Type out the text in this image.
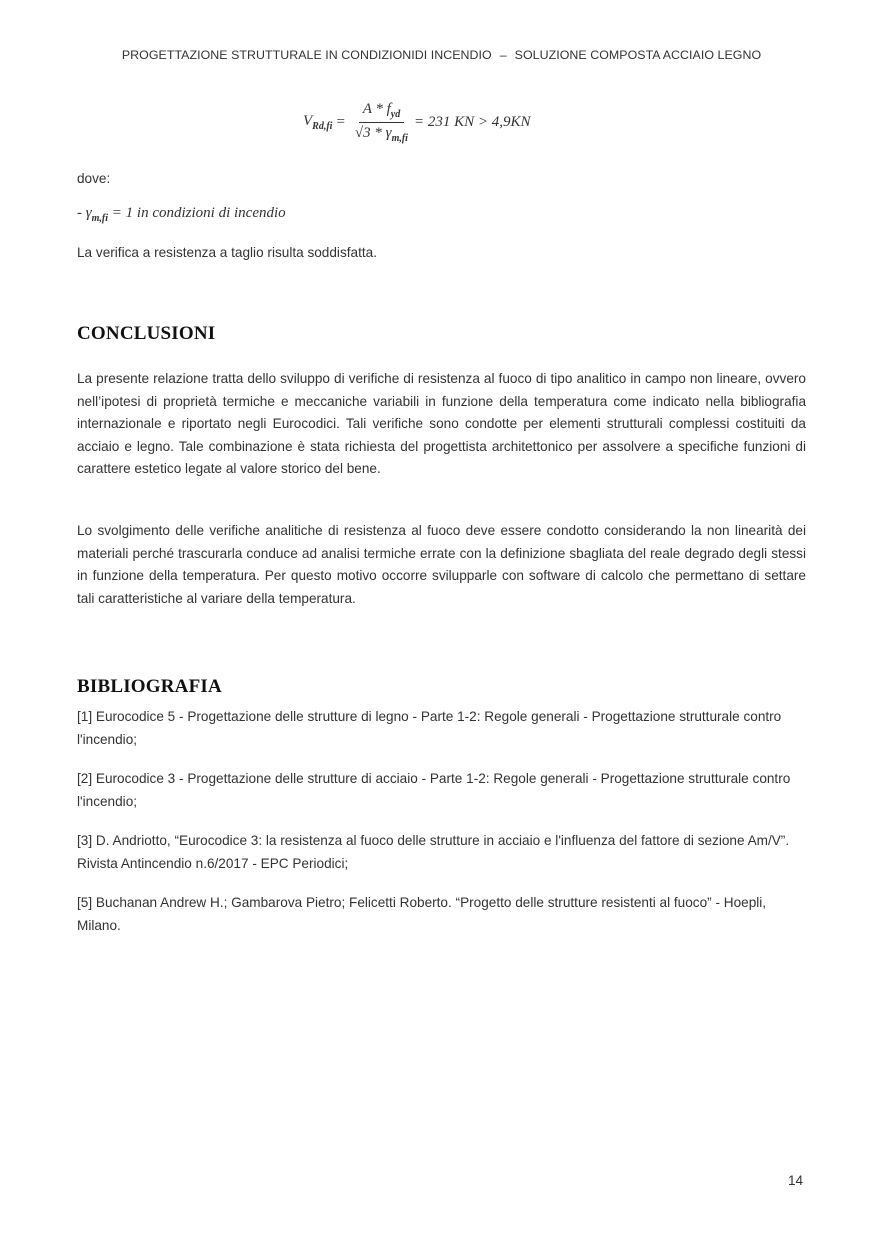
PROGETTAZIONE STRUTTURALE IN CONDIZIONIDI INCENDIO – SOLUZIONE COMPOSTA ACCIAIO LEGNO
$V_{Rd,fi} = \frac{A * f_{yd}}{√3 * \gamma_{m,fi}} = 231$ KN > 4,9KN
dove:
- $\gamma_{m,fi} = 1$ in condizioni di incendio
La verifica a resistenza a taglio risulta soddisfatta.
CONCLUSIONI
La presente relazione tratta dello sviluppo di verifiche di resistenza al fuoco di tipo analitico in campo non lineare, ovvero nell’ipotesi di proprietà termiche e meccaniche variabili in funzione della temperatura come indicato nella bibliografia internazionale e riportato negli Eurocodici. Tali verifiche sono condotte per elementi strutturali complessi costituiti da acciaio e legno. Tale combinazione è stata richiesta del progettista architettonico per assolvere a specifiche funzioni di carattere estetico legate al valore storico del bene.
Lo svolgimento delle verifiche analitiche di resistenza al fuoco deve essere condotto considerando la non linearità dei materiali perché trascurarla conduce ad analisi termiche errate con la definizione sbagliata del reale degrado degli stessi in funzione della temperatura. Per questo motivo occorre svilupparle con software di calcolo che permettano di settare tali caratteristiche al variare della temperatura.
BIBLIOGRAFIA
[1] Eurocodice 5 - Progettazione delle strutture di legno - Parte 1-2: Regole generali - Progettazione strutturale contro l'incendio;
[2] Eurocodice 3 - Progettazione delle strutture di acciaio - Parte 1-2: Regole generali - Progettazione strutturale contro l'incendio;
[3] D. Andriotto, “Eurocodice 3: la resistenza al fuoco delle strutture in acciaio e l'influenza del fattore di sezione Am/V”. Rivista Antincendio n.6/2017 - EPC Periodici;
[5] Buchanan Andrew H.; Gambarova Pietro; Felicetti Roberto. “Progetto delle strutture resistenti al fuoco” - Hoepli, Milano.
14
